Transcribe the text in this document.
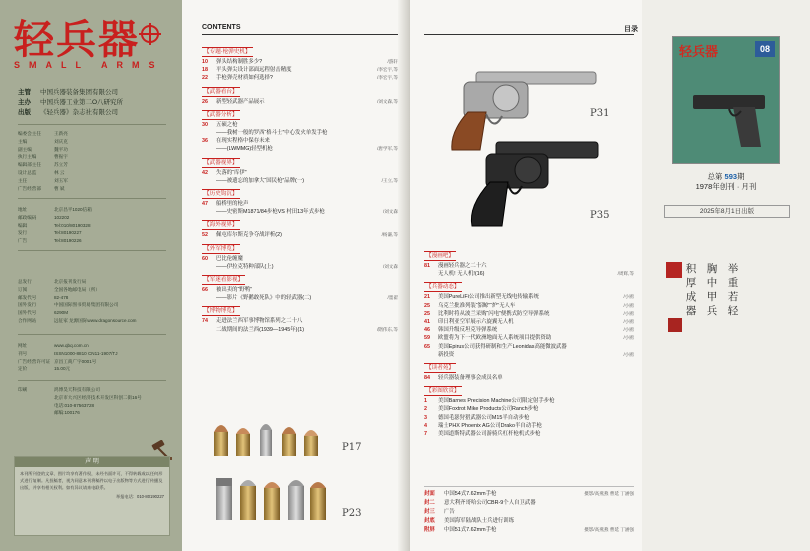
轻兵器
SMALL ARMS
主管 中国兵器装备集团有限公司
主办 中国兵器工业第二O八研究所
出版 《轻兵器》杂志社有限公司
编委会主任	王新亮
主编	刘庆克
副主编	魏平功
执行主编	曹振宇
编辑部主任	苏立芳
设计总监	林 云
主任	刘玉军
广告经营部	曹 斌
地址	北京昌平1020信箱
邮政编码	102202
编辑	Tel:010/80190328
发行	Tel:80190227
广告	Tel:80190226
总发行	北京报刊发行局
订阅	全国各地邮电局（所）
邮发代号	82-478
国外发行	中国国际图书贸易集团有限公司
国外代号	6290M
合作网站	远征家 龙源国际www.dragonsource.com
网址	www.qbq.com.cn
刊号	ISSN1000-8810 CN11-1907/TJ
广告经营许可证 京昌工商广字0001号
定价	15.00元
印刷	鸿博昊天科技有限公司
北京市大兴区经济技术开发区科创二街16号
电话:010-87563728
邮编:100176
声 明
本刊所刊登的文章、图片均享有著作权，未经书面许可，不得转载或以任何形式进行复制。凡投稿者，视为同意本刊将稿件以电子出版物等方式进行传播及出版，并享有相关权利。如有异议请来电联系。
举报电话：010-80190227
CONTENTS
【专题·枪弹史机】
10 弹头结构制胜多少?	/游轩
18 平头弹尖设计部面远程射击精度	/李宏宇,等
22 手枪弹壳材质如何选择?	/李宏宇,等
【武器看台】
26 新型轻武器产品展示	/刘文森,等
【武器分析】
30 五硕之枪
——我树一般的罗西“格斗士”中心发火单发手枪
36 在现实程格中保存未来
——(LWMMG)轻型机枪	/唐学军,等
【武器视界】
42 失落的“库伊”
——被遗忘的加拿大“国民枪”品牌(一)	/王立,等
【历史钩沉】
47 船桥里的枪声
——史密斯M1871/84步枪VS 村田13年式步枪	/刘文森
【海外视界】
52 佩屯库尔斯克争夺战评析(2)	/杨谦,等
【外军博览】
60 巴比伦缠魔
——伊拉克特种部队(上)	/刘文森
【军迷看影视】
66 被出卖的“野鸭”
——影片《野鹅敢死队》中的轻武器(二)	/墨翟
【博物博览】
74 走进法兰西军事博物馆系列之二十八
二战期间的法兰西(1939—1945年)(1)	/隋伟东,等
P17
P23
目录
P31
P35
【漫画吧】
81 漫画轻兵器之二十六
无人机! 无人机!(16)	/周辉,等
【兵器动态】
21 美国PureLiFi公司推出新型无线电传输系统	/小鸥
25 乌克兰批准列装“貂鲸”“炉”无人车	/小鸥
25 比利时将从波兰采购“闪电”便携式防空导弹系统	/小鸥
41 印日利亚空军展示六旋翼无人机	/小鸥
46 韩国升级反坦克导弹系统	/小鸥
59 欧盟将为下一代欧洲地面无人系统项目提供资助	/小鸥
65 美国Epirus公司获得研制和生产Leonidas高能微波武器
新投资	/小鸥
【读者苑】
84 轻兵器装备理事会成员名单
【彩图欣赏】
1 美国Barnes Precision Machine公司限定射手步枪
2 美国Foxtrot Mike Products公司Ranch步枪
3 德国毛瑟狩猎武器公司M15半自动步枪
4 瑞士PHX Phoenix AG公司Drako半自动手枪
7 美国道斯特武器公司游骑兵杠杆枪机式步枪
封面 中国54式7.62mm手枪	摄影/高燕燕 曹延 丁涵强
封二 意大利齐哥哈公司CBR-9个人自卫武器
封三 广告
封底 美国海军陆战队士兵进行训练
附屏 中国51式7.62mm手枪	摄影/高燕燕 曹延 丁涵强
轻兵器	08
总第 593期
1978年创刊 · 月刊
2025年8月1日出版
举重若轻
胸中甲兵
积厚成器
